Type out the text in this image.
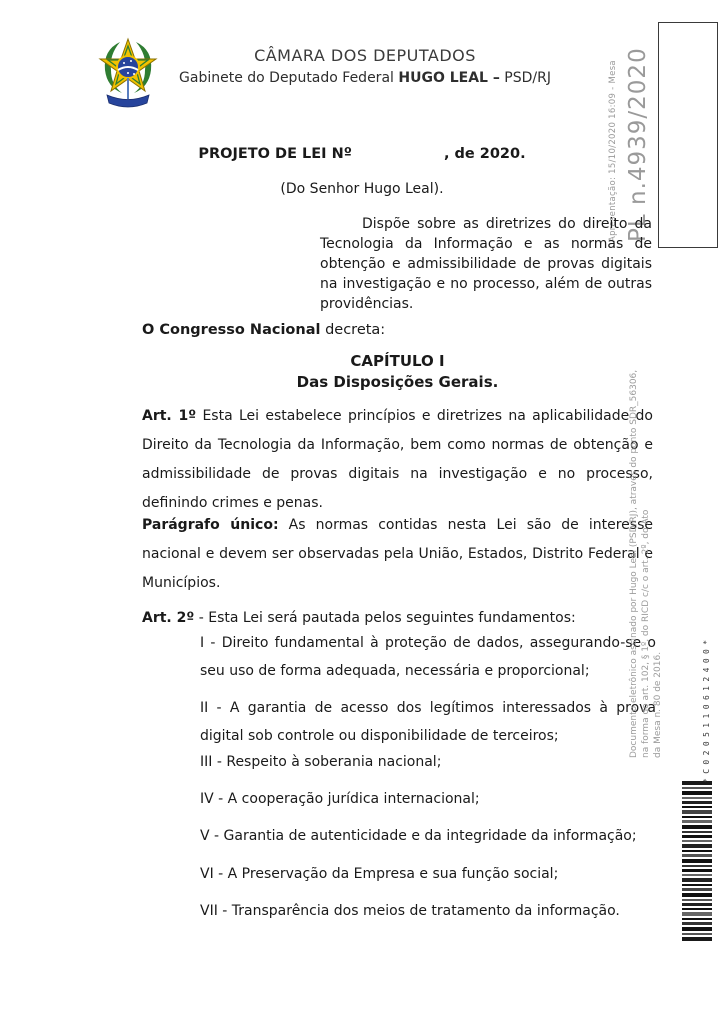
CÂMARA DOS DEPUTADOS
Gabinete do Deputado Federal HUGO LEAL – PSD/RJ	Apresentação: 15/10/2020 16:09 - Mesa PL n.4939/2020
PROJETO DE LEI Nº	, de 2020.
(Do Senhor Hugo Leal).
Dispõe sobre as diretrizes do direito da Tecnologia da Informação e as normas de obtenção e admissibilidade de provas digitais na investigação e no processo, além de outras providências.
O Congresso Nacional decreta:
CAPÍTULO I
Das Disposições Gerais.
Art. 1º Esta Lei estabelece princípios e diretrizes na aplicabilidade do Direito da Tecnologia da Informação, bem como normas de obtenção e admissibilidade de provas digitais na investigação e no processo, definindo crimes e penas.
Parágrafo único: As normas contidas nesta Lei são de interesse nacional e devem ser observadas pela União, Estados, Distrito Federal e Municípios.
Art. 2º - Esta Lei será pautada pelos seguintes fundamentos:
I - Direito fundamental à proteção de dados, assegurando-se o seu uso de forma adequada, necessária e proporcional;
II - A garantia de acesso dos legítimos interessados à prova digital sob controle ou disponibilidade de terceiros;
III - Respeito à soberania nacional;
IV - A cooperação jurídica internacional;
V - Garantia de autenticidade e da integridade da informação;
VI - A Preservação da Empresa e sua função social;
VII - Transparência dos meios de tratamento da informação.
Documento eletrônico assinado por Hugo Leal (PSD/RJ), através do ponto SDR_56306, na forma do art. 102, § 1º, do RICD c/c o art. 2º, do Ato da Mesa n. 80 de 2016.	*C0205110612400*
